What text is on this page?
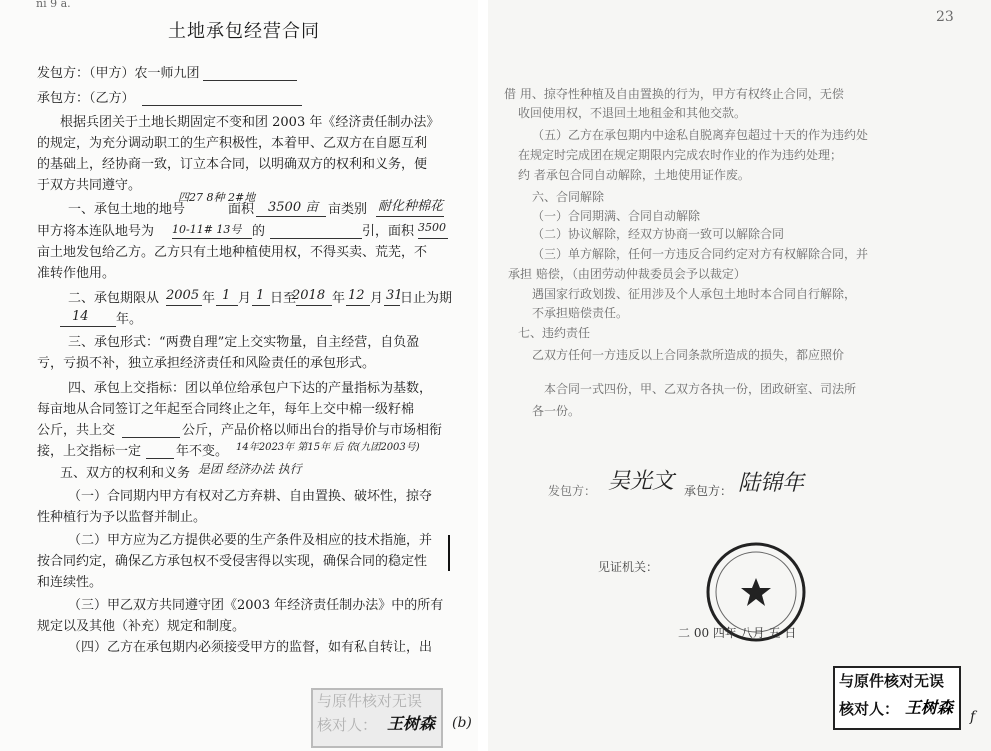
ni 9 a.
土地承包经营合同
发包方：（甲方）农一师九团
承包方：（乙方）
根据兵团关于土地长期固定不变和团 2003 年《经济责任制办法》
的规定，为充分调动职工的生产积极性，本着甲、乙双方在自愿互利
的基础上，经协商一致，订立本合同，以明确双方的权利和义务，便
于双方共同遵守。
一、承包土地的地号
四27 8种 2#地
面积 3500 亩 亩类别 耐化种棉花
甲方将本连队地号为 10-11# 13号 的	引，面积 3500
亩土地发包给乙方。乙方只有土地种植使用权，不得买卖、荒芜，不
准转作他用。
二、承包期限从 2005 年 1 月 1 日至
2018 年 12 月 31
日止为期
14 年。
三、承包形式：“两费自理”定上交实物量，自主经营，自负盈
亏，亏损不补，独立承担经济责任和风险责任的承包形式。
四、承包上交指标：团以单位给承包户下达的产量指标为基数，
每亩地从合同签订之年起至合同终止之年，每年上交中棉一级籽棉
公斤，共上交	公斤，产品价格以师出台的指导价与市场相衔
接，上交指标一定	年不变。 14年2023年 第15年 后 依(九团2003号)
五、双方的权利和义务 是团 经济办法 执行
（一）合同期内甲方有权对乙方弃耕、自由置换、破坏性，掠夺
性种植行为予以监督并制止。
（二）甲方应为乙方提供必要的生产条件及相应的技术指施，并
按合同约定，确保乙方承包权不受侵害得以实现，确保合同的稳定性
和连续性。
（三）甲乙双方共同遵守团《2003 年经济责任制办法》中的所有
规定以及其他（补充）规定和制度。
（四）乙方在承包期内必须接受甲方的监督，如有私自转让，出
与原件核对无误
核对人： 王树森 (b)
23
借 用、掠夺性种植及自由置换的行为，甲方有权终止合同，无偿
收回使用权，不退回土地租金和其他交款。
（五）乙方在承包期内中途私自脱离弃包超过十天的作为违约处
在规定时完成团在规定期限内完成农时作业的作为违约处理；
约 者承包合同自动解除，土地使用证作废。
六、合同解除
（一）合同期满、合同自动解除
（二）协议解除，经双方协商一致可以解除合同
（三）单方解除，任何一方违反合同约定对方有权解除合同，并
承担 赔偿，（由团劳动仲裁委员会予以裁定）
遇国家行政划拨、征用涉及个人承包土地时本合同自行解除，
不承担赔偿责任。
七、违约责任
乙双方任何一方违反以上合同条款所造成的损失，都应照价
本合同一式四份，甲、乙双方各执一份，团政研室、司法所
各一份。
发包方： 吴光文 承包方： 陆锦年
见证机关：
二 00 四年 八月 五 日
与原件核对无误
核对人： 王树森 f
